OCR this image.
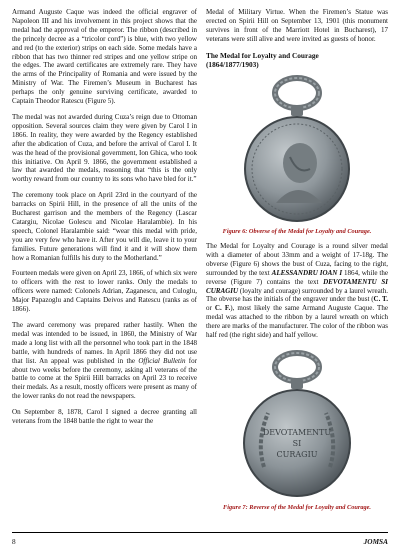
Armand Auguste Caque was indeed the official engraver of Napoleon III and his involvement in this project shows that the medal had the approval of the emperor. The ribbon (described in the princely decree as a “tricolor cord”) is blue, with two yellow and red (to the exterior) strips on each side. Some medals have a ribbon that has two thinner red stripes and one yellow stripe on the edges. The award certificates are extremely rare. They have the arms of the Principality of Romania and were issued by the Ministry of War. The Firemen’s Museum in Bucharest has perhaps the only genuine surviving certificate, awarded to Captain Theodor Ratescu (Figure 5).

The medal was not awarded during Cuza’s reign due to Ottoman opposition. Several sources claim they were given by Carol I in 1866. In reality, they were awarded by the Regency established after the abdication of Cuza, and before the arrival of Carol I. It was the head of the provisional government, Ion Ghica, who took this initiative. On April 9. 1866, the government established a law that awarded the medals, reasoning that “this is the only worthy reward from our country to its sons who have bled for it.”

The ceremony took place on April 23rd in the courtyard of the barracks on Spirii Hill, in the presence of all the units of the Bucharest garrison and the members of the Regency (Lascar Catargiu, Nicolae Golescu and Nicolae Haralambie). In his speech, Colonel Haralambie said: “wear this medal with pride, you are very few who have it. After you will die, leave it to your families. Future generations will find it and it will show them how a Romanian fulfills his duty to the Motherland.”

Fourteen medals were given on April 23, 1866, of which six were to officers with the rest to lower ranks. Only the medals to officers were named: Colonels Adrian, Zaganescu, and Culoglu, Major Papazoglu and Captains Deivos and Ratescu (ranks as of 1866).

The award ceremony was prepared rather hastily. When the medal was intended to be issued, in 1860, the Ministry of War made a long list with all the personnel who took part in the 1848 battle, with hundreds of names. In April 1866 they did not use that list. An appeal was published in the Official Bulletin for about two weeks before the ceremony, asking all veterans of the battle to come at the Spirii Hill barracks on April 23 to receive their medals. As a result, mostly officers were present as many of the lower ranks do not read the newspapers.

On September 8, 1878, Carol I signed a decree granting all veterans from the 1848 battle the right to wear the

Medal of Military Virtue. When the Firemen’s Statue was erected on Spirii Hill on September 13, 1901 (this monument survives in front of the Marriott Hotel in Bucharest), 17 veterans were still alive and were invited as guests of honor.

The Medal for Loyalty and Courage
(1864/1877/1903)
Figure 6: Obverse of the Medal for Loyalty and Courage.

The Medal for Loyalty and Courage is a round silver medal with a diameter of about 33mm and a weight of 17-18g. The obverse (Figure 6) shows the bust of Cuza, facing to the right, surrounded by the text ALESSANDRU IOAN I 1864, while the reverse (Figure 7) contains the text DEVOTAMENTU SI CURAGIU (loyalty and courage) surrounded by a laurel wreath. The obverse has the initials of the engraver under the bust (C. T. or C. F.), most likely the same Armand Auguste Caque. The medal was attached to the ribbon by a laurel wreath on which there are marks of the manufacturer. The color of the ribbon was half red (the right side) and half yellow.

DEVOTAMENTU
SI
CURAGIU
Figure 7: Reverse of the Medal for Loyalty and Courage.
8	JOMSA
